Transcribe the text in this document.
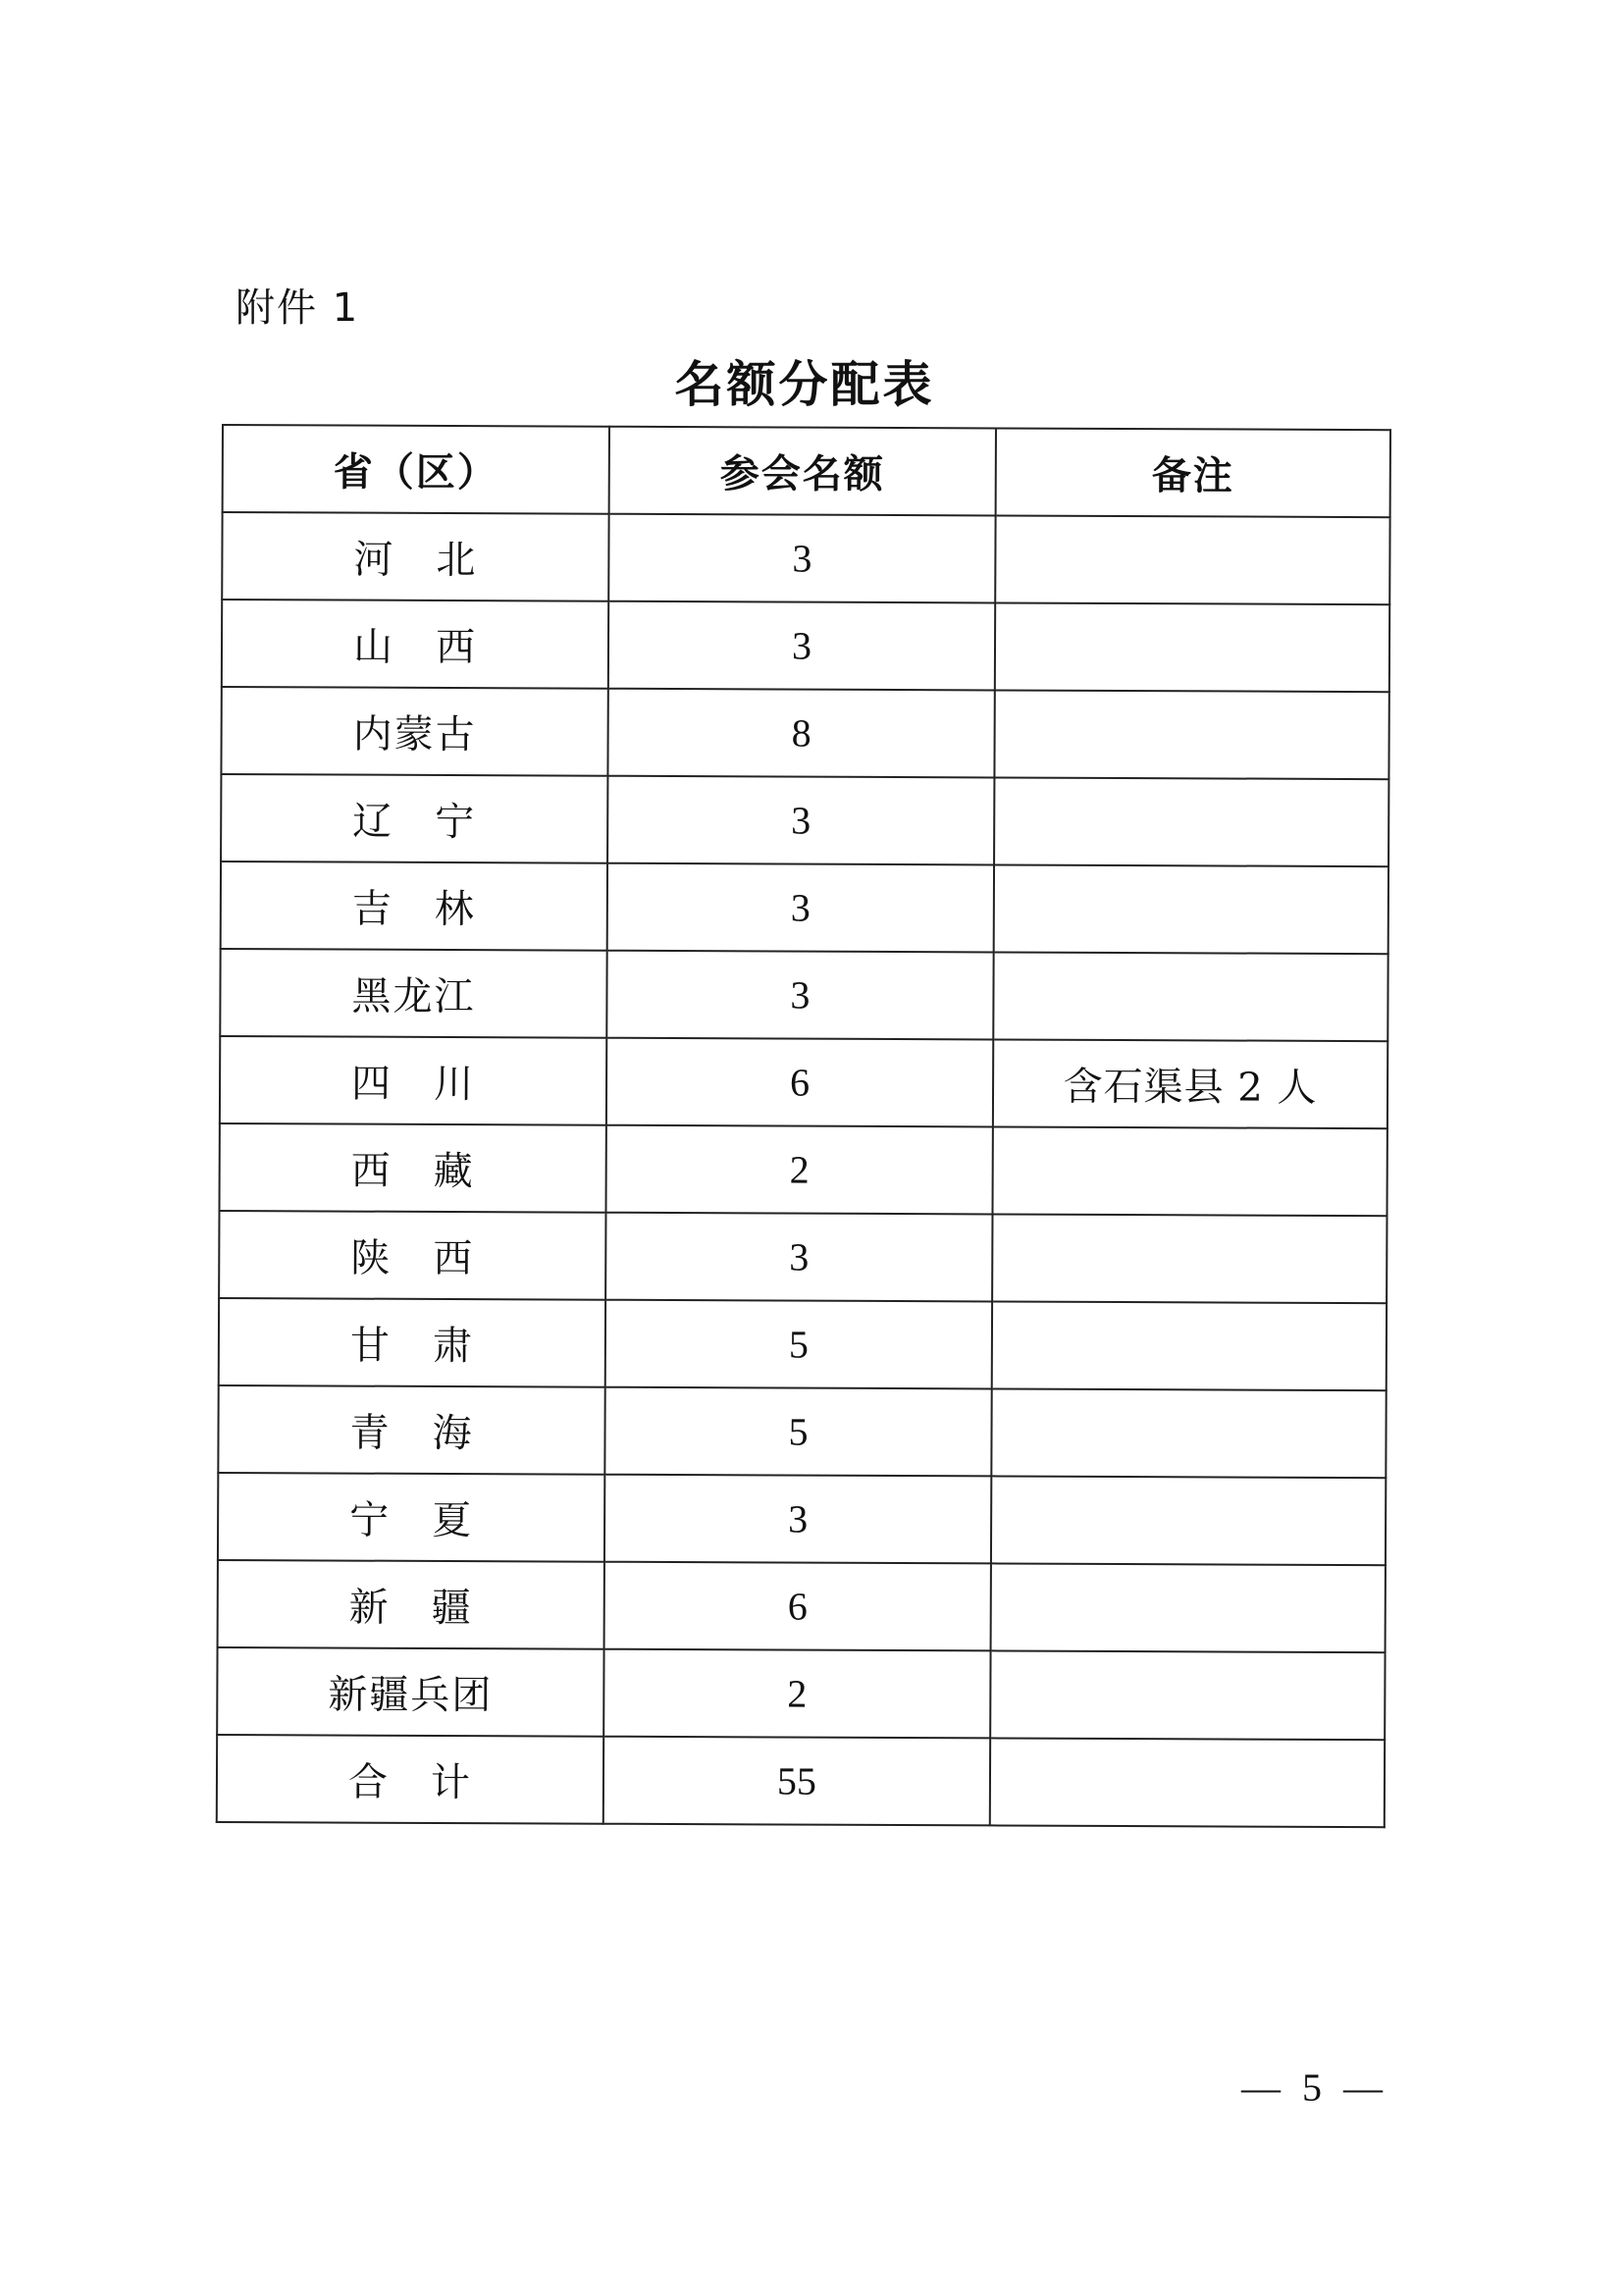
附件 1
名额分配表
省（区）	参会名额	备注
河　北	3	
山　西	3	
内蒙古	8	
辽　宁	3	
吉　林	3	
黑龙江	3	
四　川	6	含石渠县 2 人
西　藏	2	
陕　西	3	
甘　肃	5	
青　海	5	
宁　夏	3	
新　疆	6	
新疆兵团	2	
合　计	55	
— 5 —
